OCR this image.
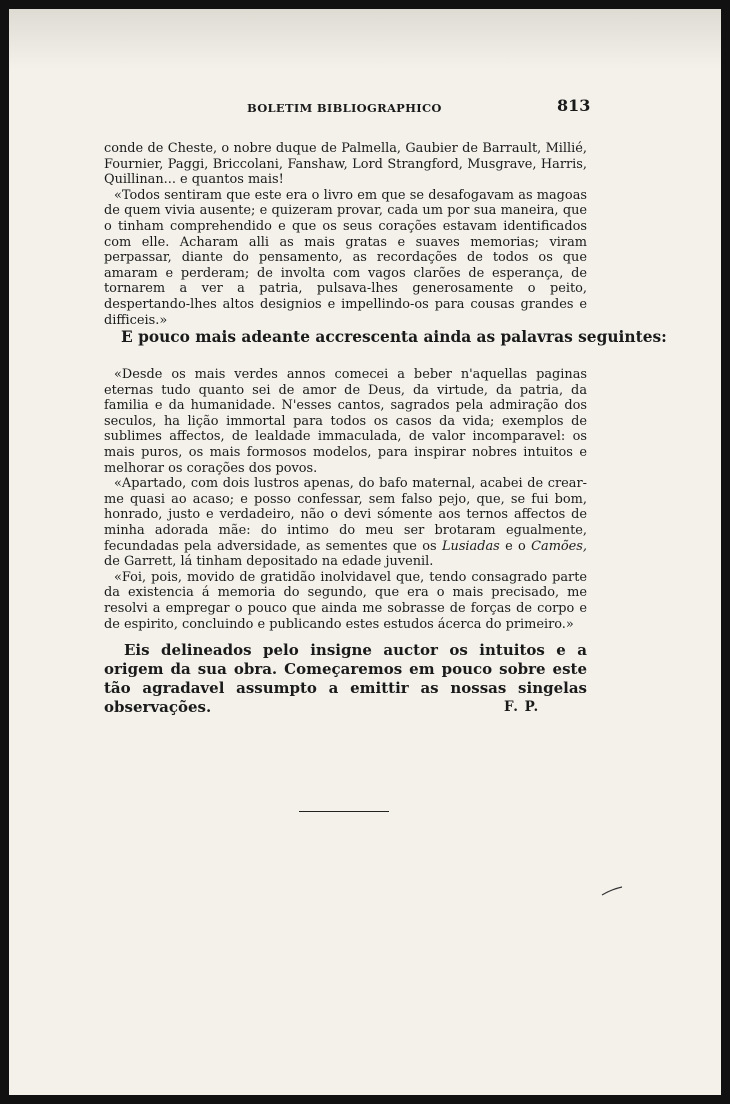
BOLETIM BIBLIOGRAPHICO	813

conde de Cheste, o nobre duque de Palmella, Gaubier de Barrault, Millié, Fournier, Paggi, Briccolani, Fanshaw, Lord Strangford, Musgrave, Harris, Quillinan... e quantos mais!

«Todos sentiram que este era o livro em que se desafogavam as magoas de quem vivia ausente; e quizeram provar, cada um por sua maneira, que o tinham comprehendido e que os seus corações estavam identificados com elle. Acharam alli as mais gratas e suaves memorias; viram perpassar, diante do pensamento, as recordações de todos os que amaram e perderam; de involta com vagos clarões de esperança, de tornarem a ver a patria, pulsava-lhes generosamente o peito, despertando-lhes altos designios e impellindo-os para cousas grandes e difficeis.»

E pouco mais adeante accrescenta ainda as palavras seguintes:

«Desde os mais verdes annos comecei a beber n'aquellas paginas eternas tudo quanto sei de amor de Deus, da virtude, da patria, da familia e da humanidade. N'esses cantos, sagrados pela admiração dos seculos, ha lição immortal para todos os casos da vida; exemplos de sublimes affectos, de lealdade immaculada, de valor incomparavel: os mais puros, os mais formosos modelos, para inspirar nobres intuitos e melhorar os corações dos povos.

«Apartado, com dois lustros apenas, do bafo maternal, acabei de crear-me quasi ao acaso; e posso confessar, sem falso pejo, que, se fui bom, honrado, justo e verdadeiro, não o devi sómente aos ternos affectos de minha adorada mãe: do intimo do meu ser brotaram egualmente, fecundadas pela adversidade, as sementes que os Lusiadas e o Camões, de Garrett, lá tinham depositado na edade juvenil.

«Foi, pois, movido de gratidão inolvidavel que, tendo consagrado parte da existencia á memoria do segundo, que era o mais precisado, me resolvi a empregar o pouco que ainda me sobrasse de forças de corpo e de espirito, concluindo e publicando estes estudos ácerca do primeiro.»

Eis delineados pelo insigne auctor os intuitos e a origem da sua obra. Começaremos em pouco sobre este tão agradavel assumpto a emittir as nossas singelas observações.	F. P.
